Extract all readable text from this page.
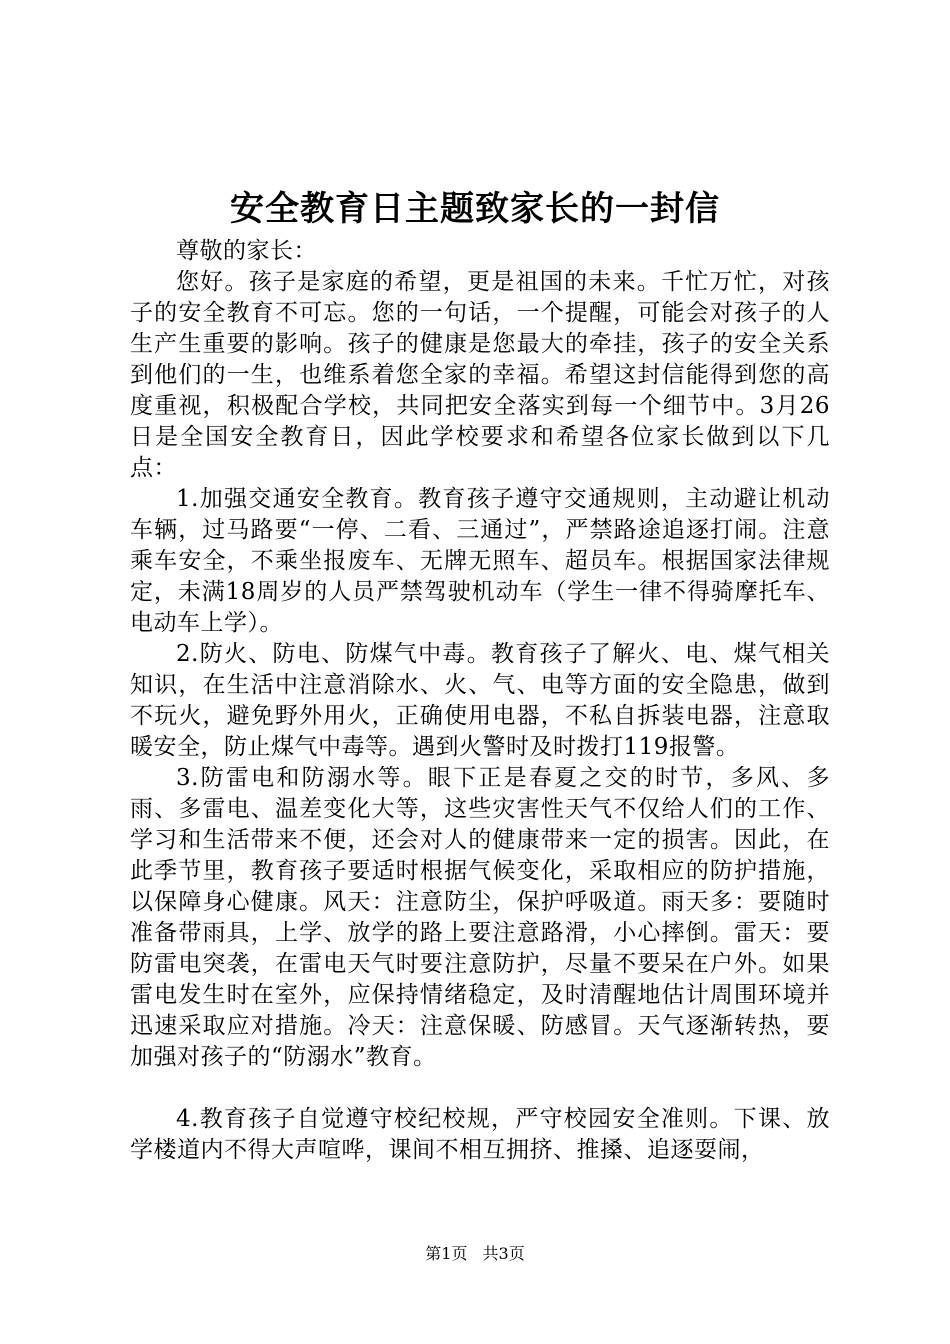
安全教育日主题致家长的一封信

尊敬的家长：

您好。孩子是家庭的希望，更是祖国的未来。千忙万忙，对孩子的安全教育不可忘。您的一句话，一个提醒，可能会对孩子的人生产生重要的影响。孩子的健康是您最大的牵挂，孩子的安全关系到他们的一生，也维系着您全家的幸福。希望这封信能得到您的高度重视，积极配合学校，共同把安全落实到每一个细节中。3月26日是全国安全教育日，因此学校要求和希望各位家长做到以下几点：

1.加强交通安全教育。教育孩子遵守交通规则，主动避让机动车辆，过马路要“一停、二看、三通过”，严禁路途追逐打闹。注意乘车安全，不乘坐报废车、无牌无照车、超员车。根据国家法律规定，未满18周岁的人员严禁驾驶机动车（学生一律不得骑摩托车、电动车上学）。

2.防火、防电、防煤气中毒。教育孩子了解火、电、煤气相关知识，在生活中注意消除水、火、气、电等方面的安全隐患，做到不玩火，避免野外用火，正确使用电器，不私自拆装电器，注意取暖安全，防止煤气中毒等。遇到火警时及时拨打119报警。

3.防雷电和防溺水等。眼下正是春夏之交的时节，多风、多雨、多雷电、温差变化大等，这些灾害性天气不仅给人们的工作、学习和生活带来不便，还会对人的健康带来一定的损害。因此，在此季节里，教育孩子要适时根据气候变化，采取相应的防护措施，以保障身心健康。风天：注意防尘，保护呼吸道。雨天多：要随时准备带雨具，上学、放学的路上要注意路滑，小心摔倒。雷天：要防雷电突袭，在雷电天气时要注意防护，尽量不要呆在户外。如果雷电发生时在室外，应保持情绪稳定，及时清醒地估计周围环境并迅速采取应对措施。冷天：注意保暖、防感冒。天气逐渐转热，要加强对孩子的“防溺水”教育。

4.教育孩子自觉遵守校纪校规，严守校园安全准则。下课、放学楼道内不得大声喧哗，课间不相互拥挤、推搡、追逐耍闹，

第1页 共3页
